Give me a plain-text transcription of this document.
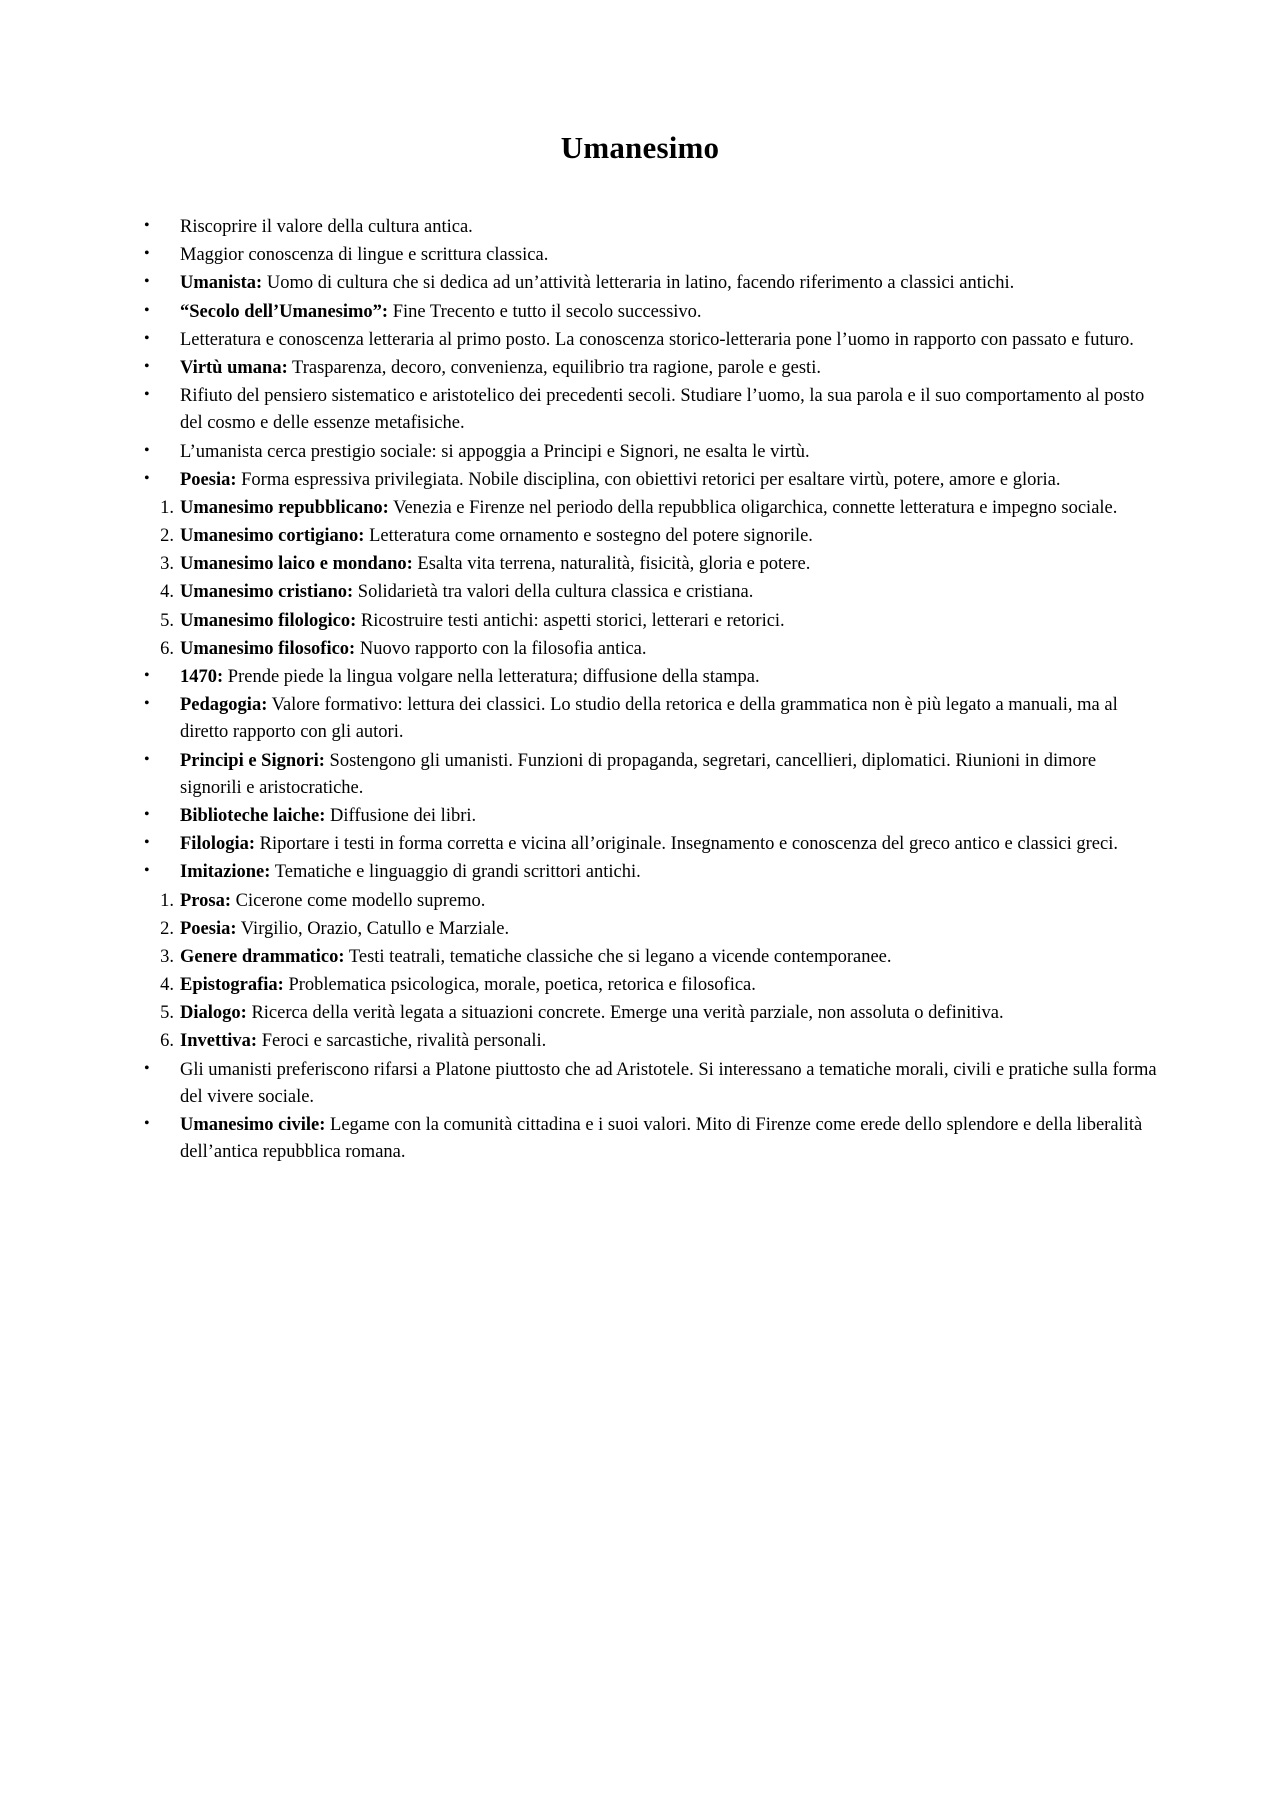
Umanesimo
•	Riscoprire il valore della cultura antica.
•	Maggior conoscenza di lingue e scrittura classica.
•	Umanista: Uomo di cultura che si dedica ad un’attività letteraria in latino, facendo riferimento a classici antichi.
•	“Secolo dell’Umanesimo”: Fine Trecento e tutto il secolo successivo.
•	Letteratura e conoscenza letteraria al primo posto. La conoscenza storico-letteraria pone l’uomo in rapporto con passato e futuro.
•	Virtù umana: Trasparenza, decoro, convenienza, equilibrio tra ragione, parole e gesti.
•	Rifiuto del pensiero sistematico e aristotelico dei precedenti secoli. Studiare l’uomo, la sua parola e il suo comportamento al posto del cosmo e delle essenze metafisiche.
•	L’umanista cerca prestigio sociale: si appoggia a Principi e Signori, ne esalta le virtù.
•	Poesia: Forma espressiva privilegiata. Nobile disciplina, con obiettivi retorici per esaltare virtù, potere, amore e gloria.
1. Umanesimo repubblicano: Venezia e Firenze nel periodo della repubblica oligarchica, connette letteratura e impegno sociale.
2. Umanesimo cortigiano: Letteratura come ornamento e sostegno del potere signorile.
3. Umanesimo laico e mondano: Esalta vita terrena, naturalità, fisicità, gloria e potere.
4. Umanesimo cristiano: Solidarietà tra valori della cultura classica e cristiana.
5. Umanesimo filologico: Ricostruire testi antichi: aspetti storici, letterari e retorici.
6. Umanesimo filosofico: Nuovo rapporto con la filosofia antica.
•	1470: Prende piede la lingua volgare nella letteratura; diffusione della stampa.
•	Pedagogia: Valore formativo: lettura dei classici. Lo studio della retorica e della grammatica non è più legato a manuali, ma al diretto rapporto con gli autori.
•	Principi e Signori: Sostengono gli umanisti. Funzioni di propaganda, segretari, cancellieri, diplomatici. Riunioni in dimore signorili e aristocratiche.
•	Biblioteche laiche: Diffusione dei libri.
•	Filologia: Riportare i testi in forma corretta e vicina all’originale. Insegnamento e conoscenza del greco antico e classici greci.
•	Imitazione: Tematiche e linguaggio di grandi scrittori antichi.
1. Prosa: Cicerone come modello supremo.
2. Poesia: Virgilio, Orazio, Catullo e Marziale.
3. Genere drammatico: Testi teatrali, tematiche classiche che si legano a vicende contemporanee.
4. Epistografia: Problematica psicologica, morale, poetica, retorica e filosofica.
5. Dialogo: Ricerca della verità legata a situazioni concrete. Emerge una verità parziale, non assoluta o definitiva.
6. Invettiva: Feroci e sarcastiche, rivalità personali.
•	Gli umanisti preferiscono rifarsi a Platone piuttosto che ad Aristotele. Si interessano a tematiche morali, civili e pratiche sulla forma del vivere sociale.
•	Umanesimo civile: Legame con la comunità cittadina e i suoi valori. Mito di Firenze come erede dello splendore e della liberalità dell’antica repubblica romana.
